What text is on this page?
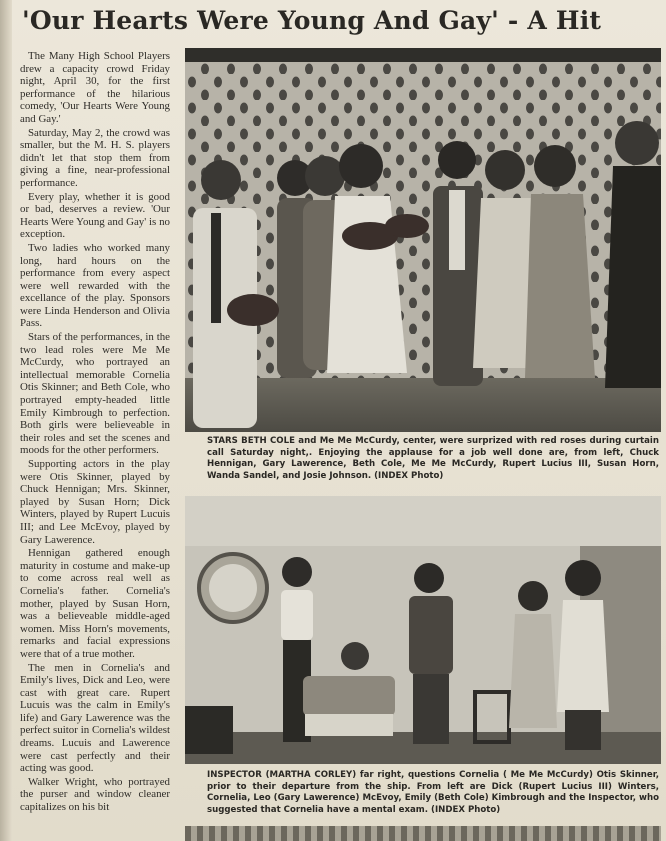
'Our Hearts Were Young And Gay' - A Hit

The Many High School Players drew a capacity crowd Friday night, April 30, for the first performance of the hilarious comedy, 'Our Hearts Were Young and Gay.'

Saturday, May 2, the crowd was smaller, but the M. H. S. players didn't let that stop them from giving a fine, near-professional performance.

Every play, whether it is good or bad, deserves a review. 'Our Hearts Were Young and Gay' is no exception.

Two ladies who worked many long, hard hours on the performance from every aspect were well rewarded with the excellance of the play. Sponsors were Linda Henderson and Olivia Pass.

Stars of the performances, in the two lead roles were Me Me McCurdy, who portrayed an intellectual memorable Cornelia Otis Skinner; and Beth Cole, who portrayed empty-headed little Emily Kimbrough to perfection. Both girls were believeable in their roles and set the scenes and moods for the other performers.

Supporting actors in the play were Otis Skinner, played by Chuck Hennigan; Mrs. Skinner, played by Susan Horn; Dick Winters, played by Rupert Lucuis III; and Lee McEvoy, played by Gary Lawerence.

Hennigan gathered enough maturity in costume and make-up to come across real well as Cornelia's father. Cornelia's mother, played by Susan Horn, was a believeable middle-aged women. Miss Horn's movements, remarks and facial expressions were that of a true mother.

The men in Cornelia's and Emily's lives, Dick and Leo, were cast with great care. Rupert Lucuis was the calm in Emily's life) and Gary Lawerence was the perfect suitor in Cornelia's wildest dreams. Lucuis and Lawerence were cast perfectly and their acting was good.

Walker Wright, who portrayed the purser and window cleaner capitalizes on his bit

STARS BETH COLE and Me Me McCurdy, center, were surprized with red roses during curtain call Saturday night,. Enjoying the applause for a job well done are, from left, Chuck Hennigan, Gary Lawerence, Beth Cole, Me Me McCurdy, Rupert Lucius III, Susan Horn, Wanda Sandel, and Josie Johnson. (INDEX Photo)
INSPECTOR (MARTHA CORLEY) far right, questions Cornelia ( Me Me McCurdy) Otis Skinner, prior to their departure from the ship. From left are Dick (Rupert Lucius III) Winters, Cornelia, Leo (Gary Lawerence) McEvoy, Emily (Beth Cole) Kimbrough and the Inspector, who suggested that Cornelia have a mental exam. (INDEX Photo)
